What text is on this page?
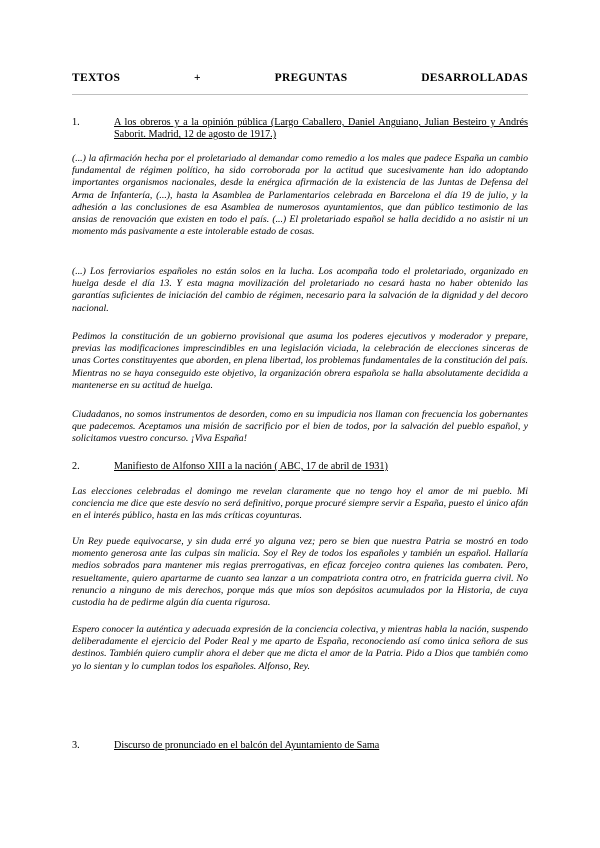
TEXTOS	+	PREGUNTAS	DESARROLLADAS
1.	A los obreros y a la opinión pública (Largo Caballero, Daniel Anguiano, Julian Besteiro y Andrés Saborit. Madrid, 12 de agosto de 1917.)

(...) la afirmación hecha por el proletariado al demandar como remedio a los males que padece España un cambio fundamental de régimen político, ha sido corroborada por la actitud que sucesivamente han ido adoptando importantes organismos nacionales, desde la enérgica afirmación de la existencia de las Juntas de Defensa del Arma de Infantería, (...), hasta la Asamblea de Parlamentarios celebrada en Barcelona el día 19 de julio, y la adhesión a las conclusiones de esa Asamblea de numerosos ayuntamientos, que dan público testimonio de las ansias de renovación que existen en todo el país. (...) El proletariado español se halla decidido a no asistir ni un momento más pasivamente a este intolerable estado de cosas.

(...) Los ferroviarios españoles no están solos en la lucha. Los acompaña todo el proletariado, organizado en huelga desde el día 13. Y esta magna movilización del proletariado no cesará hasta no haber obtenido las garantías suficientes de iniciación del cambio de régimen, necesario para la salvación de la dignidad y del decoro nacional.

Pedimos la constitución de un gobierno provisional que asuma los poderes ejecutivos y moderador y prepare, previas las modificaciones imprescindibles en una legislación viciada, la celebración de elecciones sinceras de unas Cortes constituyentes que aborden, en plena libertad, los problemas fundamentales de la constitución del país. Mientras no se haya conseguido este objetivo, la organización obrera española se halla absolutamente decidida a mantenerse en su actitud de huelga.

Ciudadanos, no somos instrumentos de desorden, como en su impudicia nos llaman con frecuencia los gobernantes que padecemos. Aceptamos una misión de sacrificio por el bien de todos, por la salvación del pueblo español, y solicitamos vuestro concurso. ¡Viva España!

2.	Manifiesto de Alfonso XIII a la nación ( ABC, 17 de abril de 1931)

Las elecciones celebradas el domingo me revelan claramente que no tengo hoy el amor de mi pueblo. Mi conciencia me dice que este desvío no será definitivo, porque procuré siempre servir a España, puesto el único afán en el interés público, hasta en las más críticas coyunturas.

Un Rey puede equivocarse, y sin duda erré yo alguna vez; pero se bien que nuestra Patria se mostró en todo momento generosa ante las culpas sin malicia. Soy el Rey de todos los españoles y también un español. Hallaría medios sobrados para mantener mis regias prerrogativas, en eficaz forcejeo contra quienes las combaten. Pero, resueltamente, quiero apartarme de cuanto sea lanzar a un compatriota contra otro, en fratricida guerra civil. No renuncio a ninguno de mis derechos, porque más que míos son depósitos acumulados por la Historia, de cuya custodia ha de pedirme algún día cuenta rigurosa.

Espero conocer la auténtica y adecuada expresión de la conciencia colectiva, y mientras habla la nación, suspendo deliberadamente el ejercicio del Poder Real y me aparto de España, reconociendo así como única señora de sus destinos. También quiero cumplir ahora el deber que me dicta el amor de la Patria. Pido a Dios que también como yo lo sientan y lo cumplan todos los españoles. Alfonso, Rey.

3.	Discurso de pronunciado en el balcón del Ayuntamiento de Sama
